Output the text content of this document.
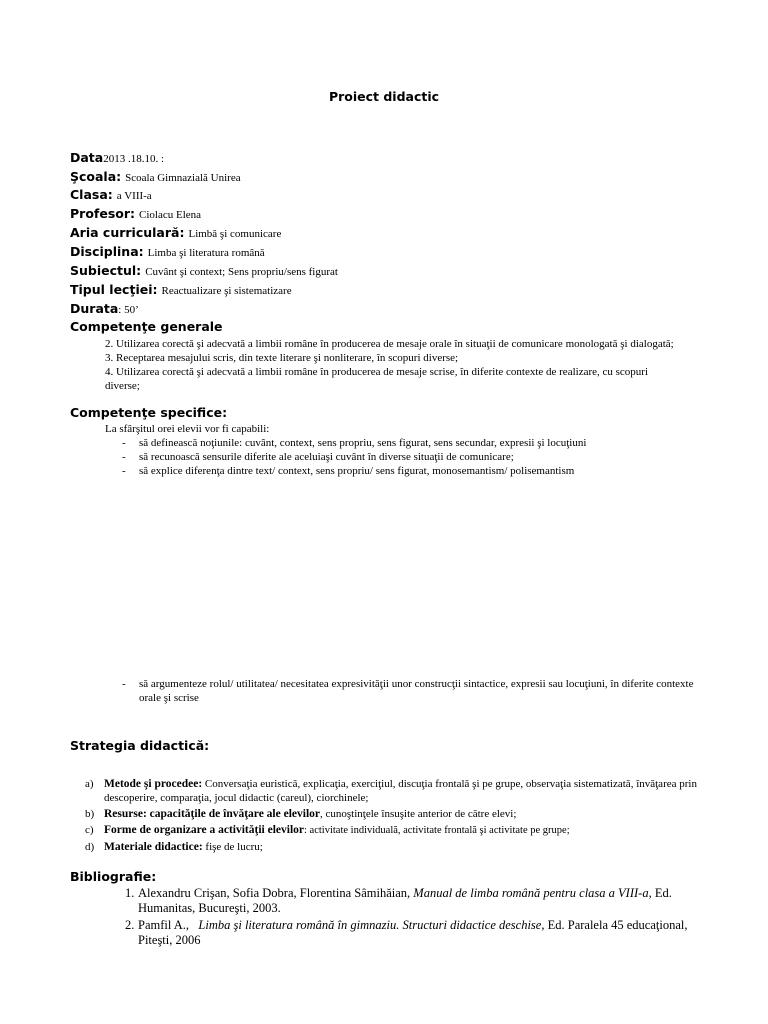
Proiect didactic
Data2013 .18.10. :
Şcoala: Scoala Gimnazială Unirea
Clasa: a VIII-a
Profesor: Ciolacu Elena
Aria curriculară: Limbă şi comunicare
Disciplina: Limba şi literatura română
Subiectul: Cuvânt şi context; Sens propriu/sens figurat
Tipul lecţiei: Reactualizare şi sistematizare
Durata: 50’
Competenţe generale

2. Utilizarea corectă şi adecvată a limbii române în producerea de mesaje orale în situaţii de comunicare monologată şi dialogată;

3. Receptarea mesajului scris, din texte literare şi nonliterare, în scopuri diverse;

4. Utilizarea corectă şi adecvată a limbii române în producerea de mesaje scrise, în diferite contexte de realizare, cu scopuri diverse;

Competenţe specifice:
La sfârşitul orei elevii vor fi capabili:
-	să definească noţiunile: cuvânt, context, sens propriu, sens figurat, sens secundar, expresii şi locuţiuni
-	să recunoască sensurile diferite ale aceluiaşi cuvânt în diverse situaţii de comunicare;
-	să explice diferenţa dintre text/ context, sens propriu/ sens figurat, monosemantism/ polisemantism
-	să argumenteze rolul/ utilitatea/ necesitatea expresivităţii unor construcţii sintactice, expresii sau locuţiuni, în diferite contexte orale şi scrise
Strategia didactică:
a) Metode şi procedee: Conversaţia euristică, explicaţia, exerciţiul, discuţia frontală şi pe grupe, observaţia sistematizată, învăţarea prin descoperire, comparaţia, jocul didactic (careul), ciorchinele;
b) Resurse: capacităţile de învăţare ale elevilor, cunoştinţele însuşite anterior de către elevi;
c) Forme de organizare a activităţii elevilor: activitate individuală, activitate frontală şi activitate pe grupe;
d) Materiale didactice: fişe de lucru;
Bibliografie:
1. Alexandru Crişan, Sofia Dobra, Florentina Sâmihăian, Manual de limba română pentru clasa a VIII-a, Ed. Humanitas, Bucureşti, 2003.
2. Pamfil A.,   Limba şi literatura română în gimnaziu. Structuri didactice deschise, Ed. Paralela 45 educaţional, Piteşti, 2006
